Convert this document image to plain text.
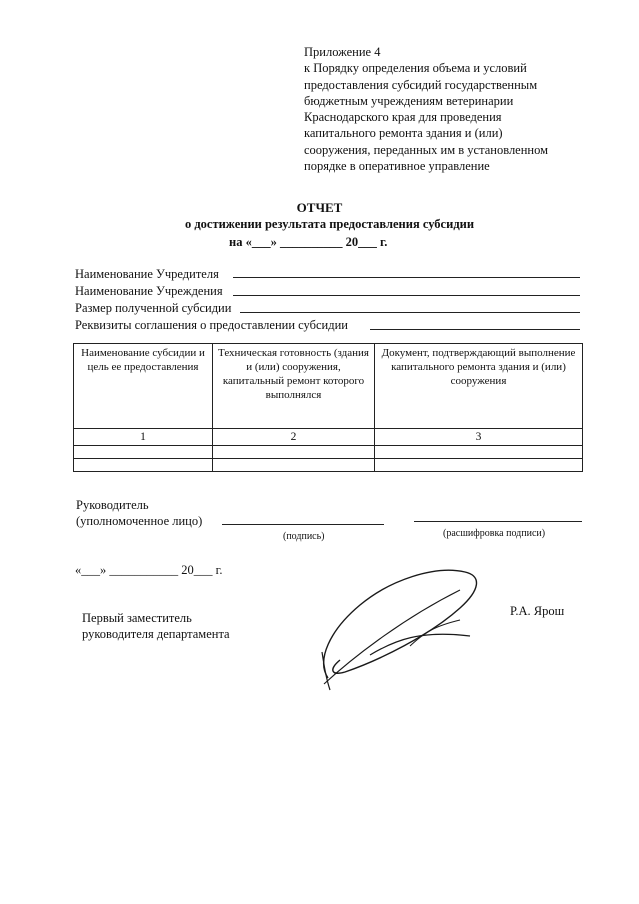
Приложение 4
к Порядку определения объема и условий
предоставления субсидий государственным
бюджетным учреждениям ветеринарии
Краснодарского края для проведения
капитального ремонта здания и (или)
сооружения, переданных им в установленном
порядке в оперативное управление
ОТЧЕТ
о достижении результата предоставления субсидии
на «___» __________ 20___ г.
Наименование Учредителя
Наименование Учреждения
Размер полученной субсидии
Реквизиты соглашения о предоставлении субсидии
Наименование субсидии и цель ее предоставления	Техническая готовность (здания и (или) сооружения, капитальный ремонт которого выполнялся	Документ, подтверждающий выполнение капитального ремонта здания и (или) сооружения
1	2	3

Руководитель
(уполномоченное лицо)
(подпись)	(расшифровка подписи)
«___» ___________ 20___ г.
Первый заместитель
руководителя департамента
Р.А. Ярош
